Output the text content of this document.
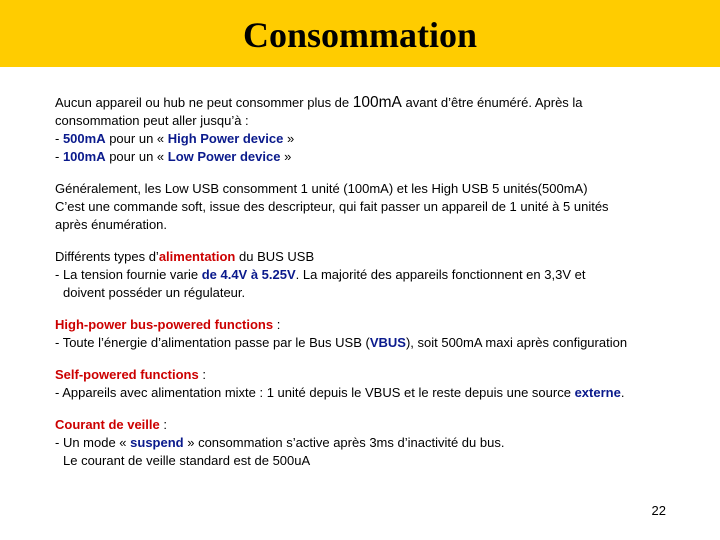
Consommation
Aucun appareil ou hub ne peut consommer plus de 100mA avant d’être énuméré. Après la
consommation peut aller jusqu’à :
- 500mA pour un « High Power device »
- 100mA pour un « Low Power device »
Généralement, les Low USB consomment 1 unité (100mA) et les High USB 5 unités(500mA)
C’est une commande soft, issue des descripteur, qui fait passer un appareil de 1 unité à 5 unités
après énumération.
Différents types d’alimentation du BUS USB
- La tension fournie varie de 4.4V à 5.25V. La majorité des appareils fonctionnent en 3,3V et
doivent posséder un régulateur.
High-power bus-powered functions :
- Toute l’énergie d’alimentation passe par le Bus USB (VBUS), soit 500mA maxi après configuration
Self-powered functions :
- Appareils avec alimentation mixte : 1 unité depuis le VBUS et le reste depuis une source externe.
Courant de veille :
- Un mode « suspend » consommation s’active après 3ms d’inactivité du bus.
Le courant de veille standard est de 500uA
22
